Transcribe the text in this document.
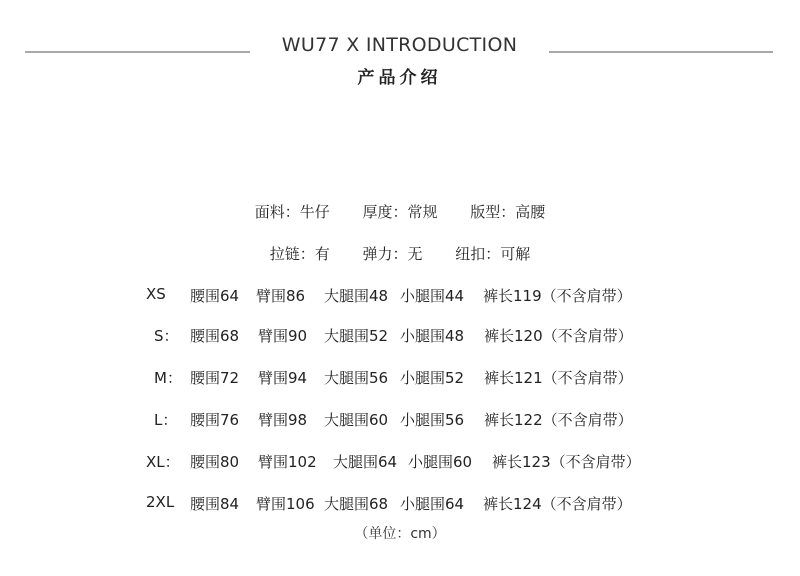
WU77 X INTRODUCTION
产品介绍
面料：牛仔 厚度：常规 版型：高腰
拉链：有 弹力：无 纽扣：可解
XS 腰围64 臂围86 大腿围48 小腿围44 裤长119（不含肩带）
S： 腰围68 臂围90 大腿围52 小腿围48 裤长120（不含肩带）
M： 腰围72 臂围94 大腿围56 小腿围52 裤长121（不含肩带）
L： 腰围76 臂围98 大腿围60 小腿围56 裤长122（不含肩带）
XL： 腰围80 臂围102 大腿围64 小腿围60 裤长123（不含肩带）
2XL 腰围84 臂围106 大腿围68 小腿围64 裤长124（不含肩带）
（单位：cm）
